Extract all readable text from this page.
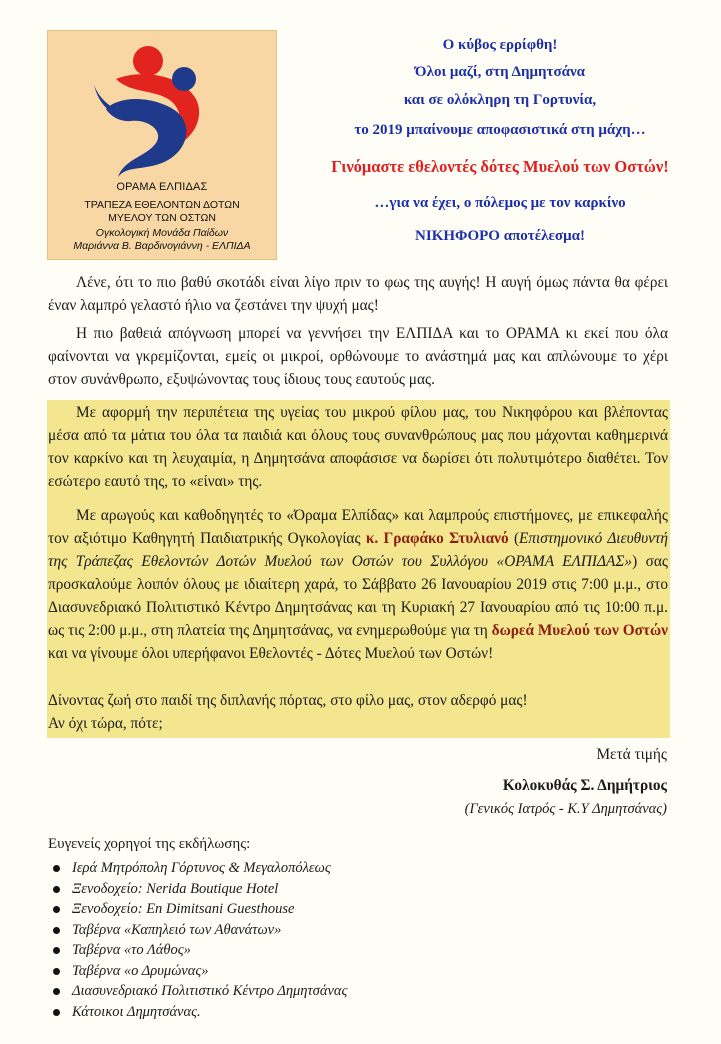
ΟΡΑΜΑ ΕΛΠΙΔΑΣ
ΤΡΑΠΕΖΑ ΕΘΕΛΟΝΤΩΝ ΔΟΤΩΝ
ΜΥΕΛΟΥ ΤΩΝ ΟΣΤΩΝ
Ογκολογική Μονάδα Παίδων
Μαριάννα Β. Βαρδινογιάννη - ΕΛΠΙΔΑ
Ο κύβος ερρίφθη!
Όλοι μαζί, στη Δημητσάνα
και σε ολόκληρη τη Γορτυνία,
το 2019 μπαίνουμε αποφασιστικά στη μάχη…
Γινόμαστε εθελοντές δότες Μυελού των Οστών!
…για να έχει, ο πόλεμος με τον καρκίνο
ΝΙΚΗΦΟΡΟ αποτέλεσμα!
Λένε, ότι το πιο βαθύ σκοτάδι είναι λίγο πριν το φως της αυγής! Η αυγή όμως πάντα θα φέρει έναν λαμπρό γελαστό ήλιο να ζεστάνει την ψυχή μας!
Η πιο βαθειά απόγνωση μπορεί να γεννήσει την ΕΛΠΙΔΑ και το ΟΡΑΜΑ κι εκεί που όλα φαίνονται να γκρεμίζονται, εμείς οι μικροί, ορθώνουμε το ανάστημά μας και απλώνουμε το χέρι στον συνάνθρωπο, εξυψώνοντας τους ίδιους τους εαυτούς μας.
Με αφορμή την περιπέτεια της υγείας του μικρού φίλου μας, του Νικηφόρου και βλέποντας μέσα από τα μάτια του όλα τα παιδιά και όλους τους συνανθρώπους μας που μάχονται καθημερινά τον καρκίνο και τη λευχαιμία, η Δημητσάνα αποφάσισε να δωρίσει ότι πολυτιμότερο διαθέτει. Τον εσώτερο εαυτό της, το «είναι» της.
Με αρωγούς και καθοδηγητές το «Όραμα Ελπίδας» και λαμπρούς επιστήμονες, με επικεφαλής τον αξιότιμο Καθηγητή Παιδιατρικής Ογκολογίας κ. Γραφάκο Στυλιανό (Επιστημονικό Διευθυντή της Τράπεζας Εθελοντών Δοτών Μυελού των Οστών του Συλλόγου «ΟΡΑΜΑ ΕΛΠΙΔΑΣ») σας προσκαλούμε λοιπόν όλους με ιδιαίτερη χαρά, το Σάββατο 26 Ιανουαρίου 2019 στις 7:00 μ.μ., στο Διασυνεδριακό Πολιτιστικό Κέντρο Δημητσάνας και τη Κυριακή 27 Ιανουαρίου από τις 10:00 π.μ. ως τις 2:00 μ.μ., στη πλατεία της Δημητσάνας, να ενημερωθούμε για τη δωρεά Μυελού των Οστών και να γίνουμε όλοι υπερήφανοι Εθελοντές - Δότες Μυελού των Οστών!
Δίνοντας ζωή στο παιδί της διπλανής πόρτας, στο φίλο μας, στον αδερφό μας!
Αν όχι τώρα, πότε;
Μετά τιμής
Κολοκυθάς Σ. Δημήτριος
(Γενικός Ιατρός - Κ.Υ Δημητσάνας)
Ευγενείς χορηγοί της εκδήλωσης:
Ιερά Μητρόπολη Γόρτυνος & Μεγαλοπόλεως
Ξενοδοχείο: Nerida Boutique Hotel
Ξενοδοχείο: En Dimitsani Guesthouse
Ταβέρνα «Καπηλειό των Αθανάτων»
Ταβέρνα «το Λάθος»
Ταβέρνα «ο Δρυμώνας»
Διασυνεδριακό Πολιτιστικό Κέντρο Δημητσάνας
Κάτοικοι Δημητσάνας.
